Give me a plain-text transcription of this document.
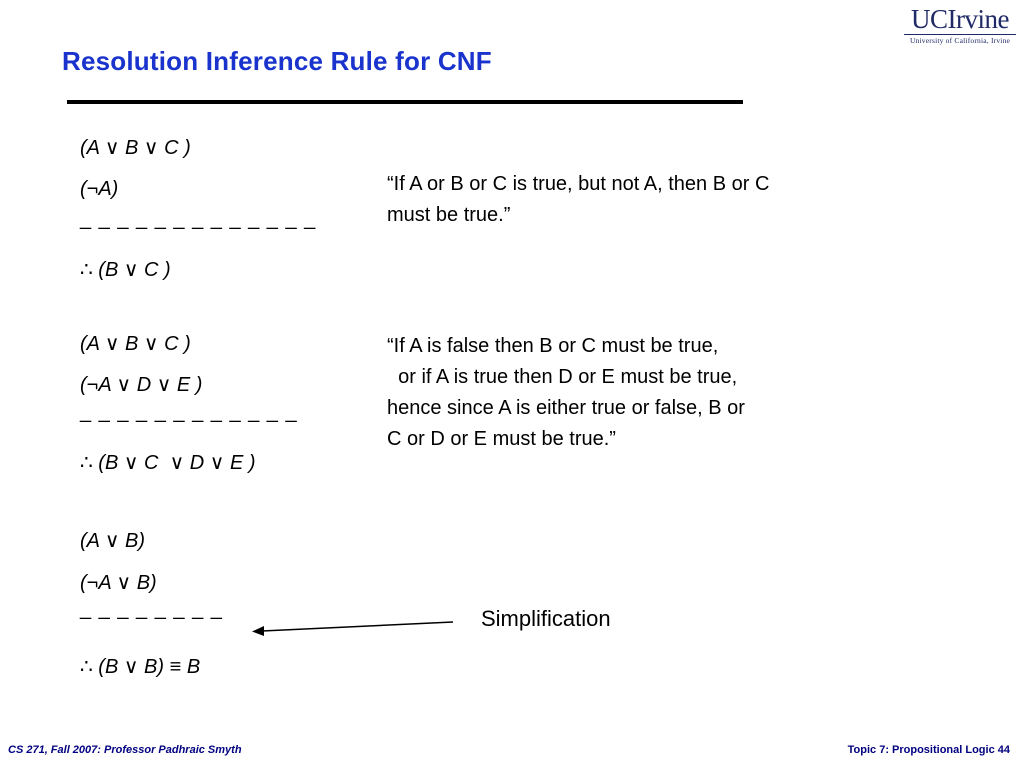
Resolution Inference Rule for CNF
UCIrvine
University of California, Irvine
(A ∨ B ∨ C )
(¬A)
_ _ _ _ _ _ _ _ _ _ _ _ _
∴ (B ∨ C )
“If A or B or C is true, but not A, then B or C
must be true.”
(A ∨ B ∨ C )
(¬A ∨ D ∨ E )
_ _ _ _ _ _ _ _ _ _ _ _
∴ (B ∨ C  ∨ D ∨ E )
“If A is false then B or C must be true,
or if A is true then D or E must be true,
hence since A is either true or false, B or
C or D or E must be true.”
(A ∨ B)
(¬A ∨ B)
_ _ _ _ _ _ _ _
∴ (B ∨ B) ≡ B
Simplification
CS 271, Fall 2007: Professor Padhraic Smyth	Topic 7: Propositional Logic 44
